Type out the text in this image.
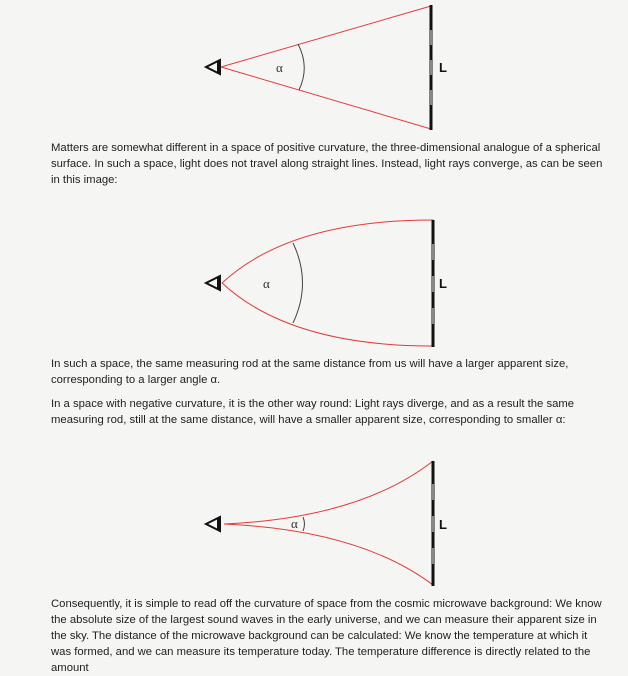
α	L

Matters are somewhat different in a space of positive curvature, the three-dimensional analogue of a spherical surface. In such a space, light does not travel along straight lines. Instead, light rays converge, as can be seen in this image:

α	L

In such a space, the same measuring rod at the same distance from us will have a larger apparent size, corresponding to a larger angle α.

In a space with negative curvature, it is the other way round: Light rays diverge, and as a result the same measuring rod, still at the same distance, will have a smaller apparent size, corresponding to smaller α:

α	L

Consequently, it is simple to read off the curvature of space from the cosmic microwave background: We know the absolute size of the largest sound waves in the early universe, and we can measure their apparent size in the sky. The distance of the microwave background can be calculated: We know the temperature at which it was formed, and we can measure its temperature today. The temperature difference is directly related to the amount
